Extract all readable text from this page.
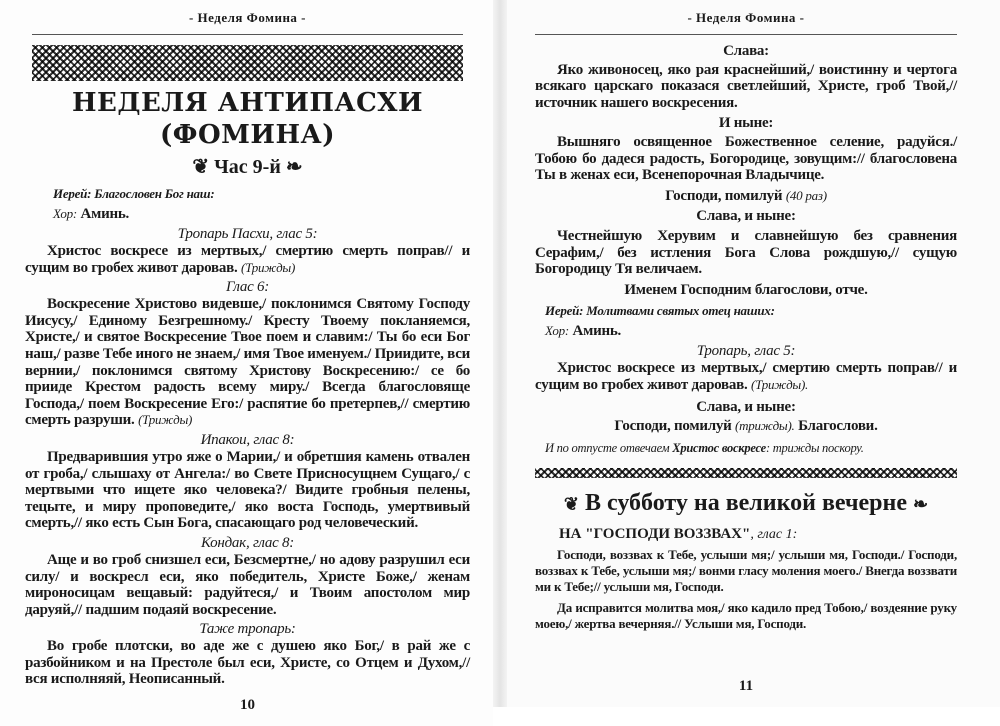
- Неделя Фомина -
НЕДЕЛЯ АНТИПАСХИ (ФОМИНА)
❦ Час 9-й ❧
Иерей: Благословен Бог наш:
Хор: Аминь.
Тропарь Пасхи, глас 5:

Христос воскресе из мертвых,/ смертию смерть поправ// и сущим во гробех живот даровав. (Трижды)

Глас 6:

Воскресение Христово видевше,/ поклонимся Святому Господу Иисусу,/ Единому Безгрешному./ Кресту Твоему покланяемся, Христе,/ и святое Воскресение Твое поем и славим:/ Ты бо еси Бог наш,/ разве Тебе иного не знаем,/ имя Твое именуем./ Приидите, вси вернии,/ поклонимся святому Христову Воскресению:/ се бо прииде Крестом радость всему миру./ Всегда благословяще Господа,/ поем Воскресение Его:/ распятие бо претерпев,// смертию смерть разруши. (Трижды)

Ипакои, глас 8:

Предварившия утро яже о Марии,/ и обретшия камень отвален от гроба,/ слышаху от Ангела:/ во Свете Присносущнем Сущаго,/ с мертвыми что ищете яко человека?/ Видите гробныя пелены, тецыте, и миру проповедите,/ яко воста Господь, умертвивый смерть,// яко есть Сын Бога, спасающаго род человеческий.

Кондак, глас 8:

Аще и во гроб снизшел еси, Безсмертне,/ но адову разрушил еси силу/ и воскресл еси, яко победитель, Христе Боже,/ женам мироносицам вещавый: радуйтеся,/ и Твоим апостолом мир даруяй,// падшим подаяй воскресение.

Таже тропарь:

Во гробе плотски, во аде же с душею яко Бог,/ в рай же с разбойником и на Престоле был еси, Христе, со Отцем и Духом,// вся исполняяй, Неописанный.

10
- Неделя Фомина -
Слава:

Яко живоносец, яко рая краснейший,/ воистинну и чертога всякаго царскаго показася светлейший, Христе, гроб Твой,// источник нашего воскресения.

И ныне:

Вышняго освященное Божественное селение, радуйся./ Тобою бо дадеся радость, Богородице, зовущим:// благословена Ты в женах еси, Всенепорочная Владычице.

Господи, помилуй (40 раз)
Слава, и ныне:

Честнейшую Херувим и славнейшую без сравнения Серафим,/ без истления Бога Слова рождшую,// сущую Богородицу Тя величаем.

Именем Господним благослови, отче.
Иерей: Молитвами святых отец наших:
Хор: Аминь.
Тропарь, глас 5:

Христос воскресе из мертвых,/ смертию смерть поправ// и сущим во гробех живот даровав. (Трижды).

Слава, и ныне:
Господи, помилуй (трижды). Благослови.
И по отпусте отвечаем Христос воскресе: трижды поскору.
❦ В субботу на великой вечерне ❧
НА "ГОСПОДИ ВОЗЗВАХ", глас 1:

Господи, воззвах к Тебе, услыши мя;/ услыши мя, Господи./ Господи, воззвах к Тебе, услыши мя;/ вонми гласу моления моего./ Внегда воззвати ми к Тебе;// услыши мя, Господи.

Да исправится молитва моя,/ яко кадило пред Тобою,/ воздеяние руку моею,/ жертва вечерняя.// Услыши мя, Господи.

11
